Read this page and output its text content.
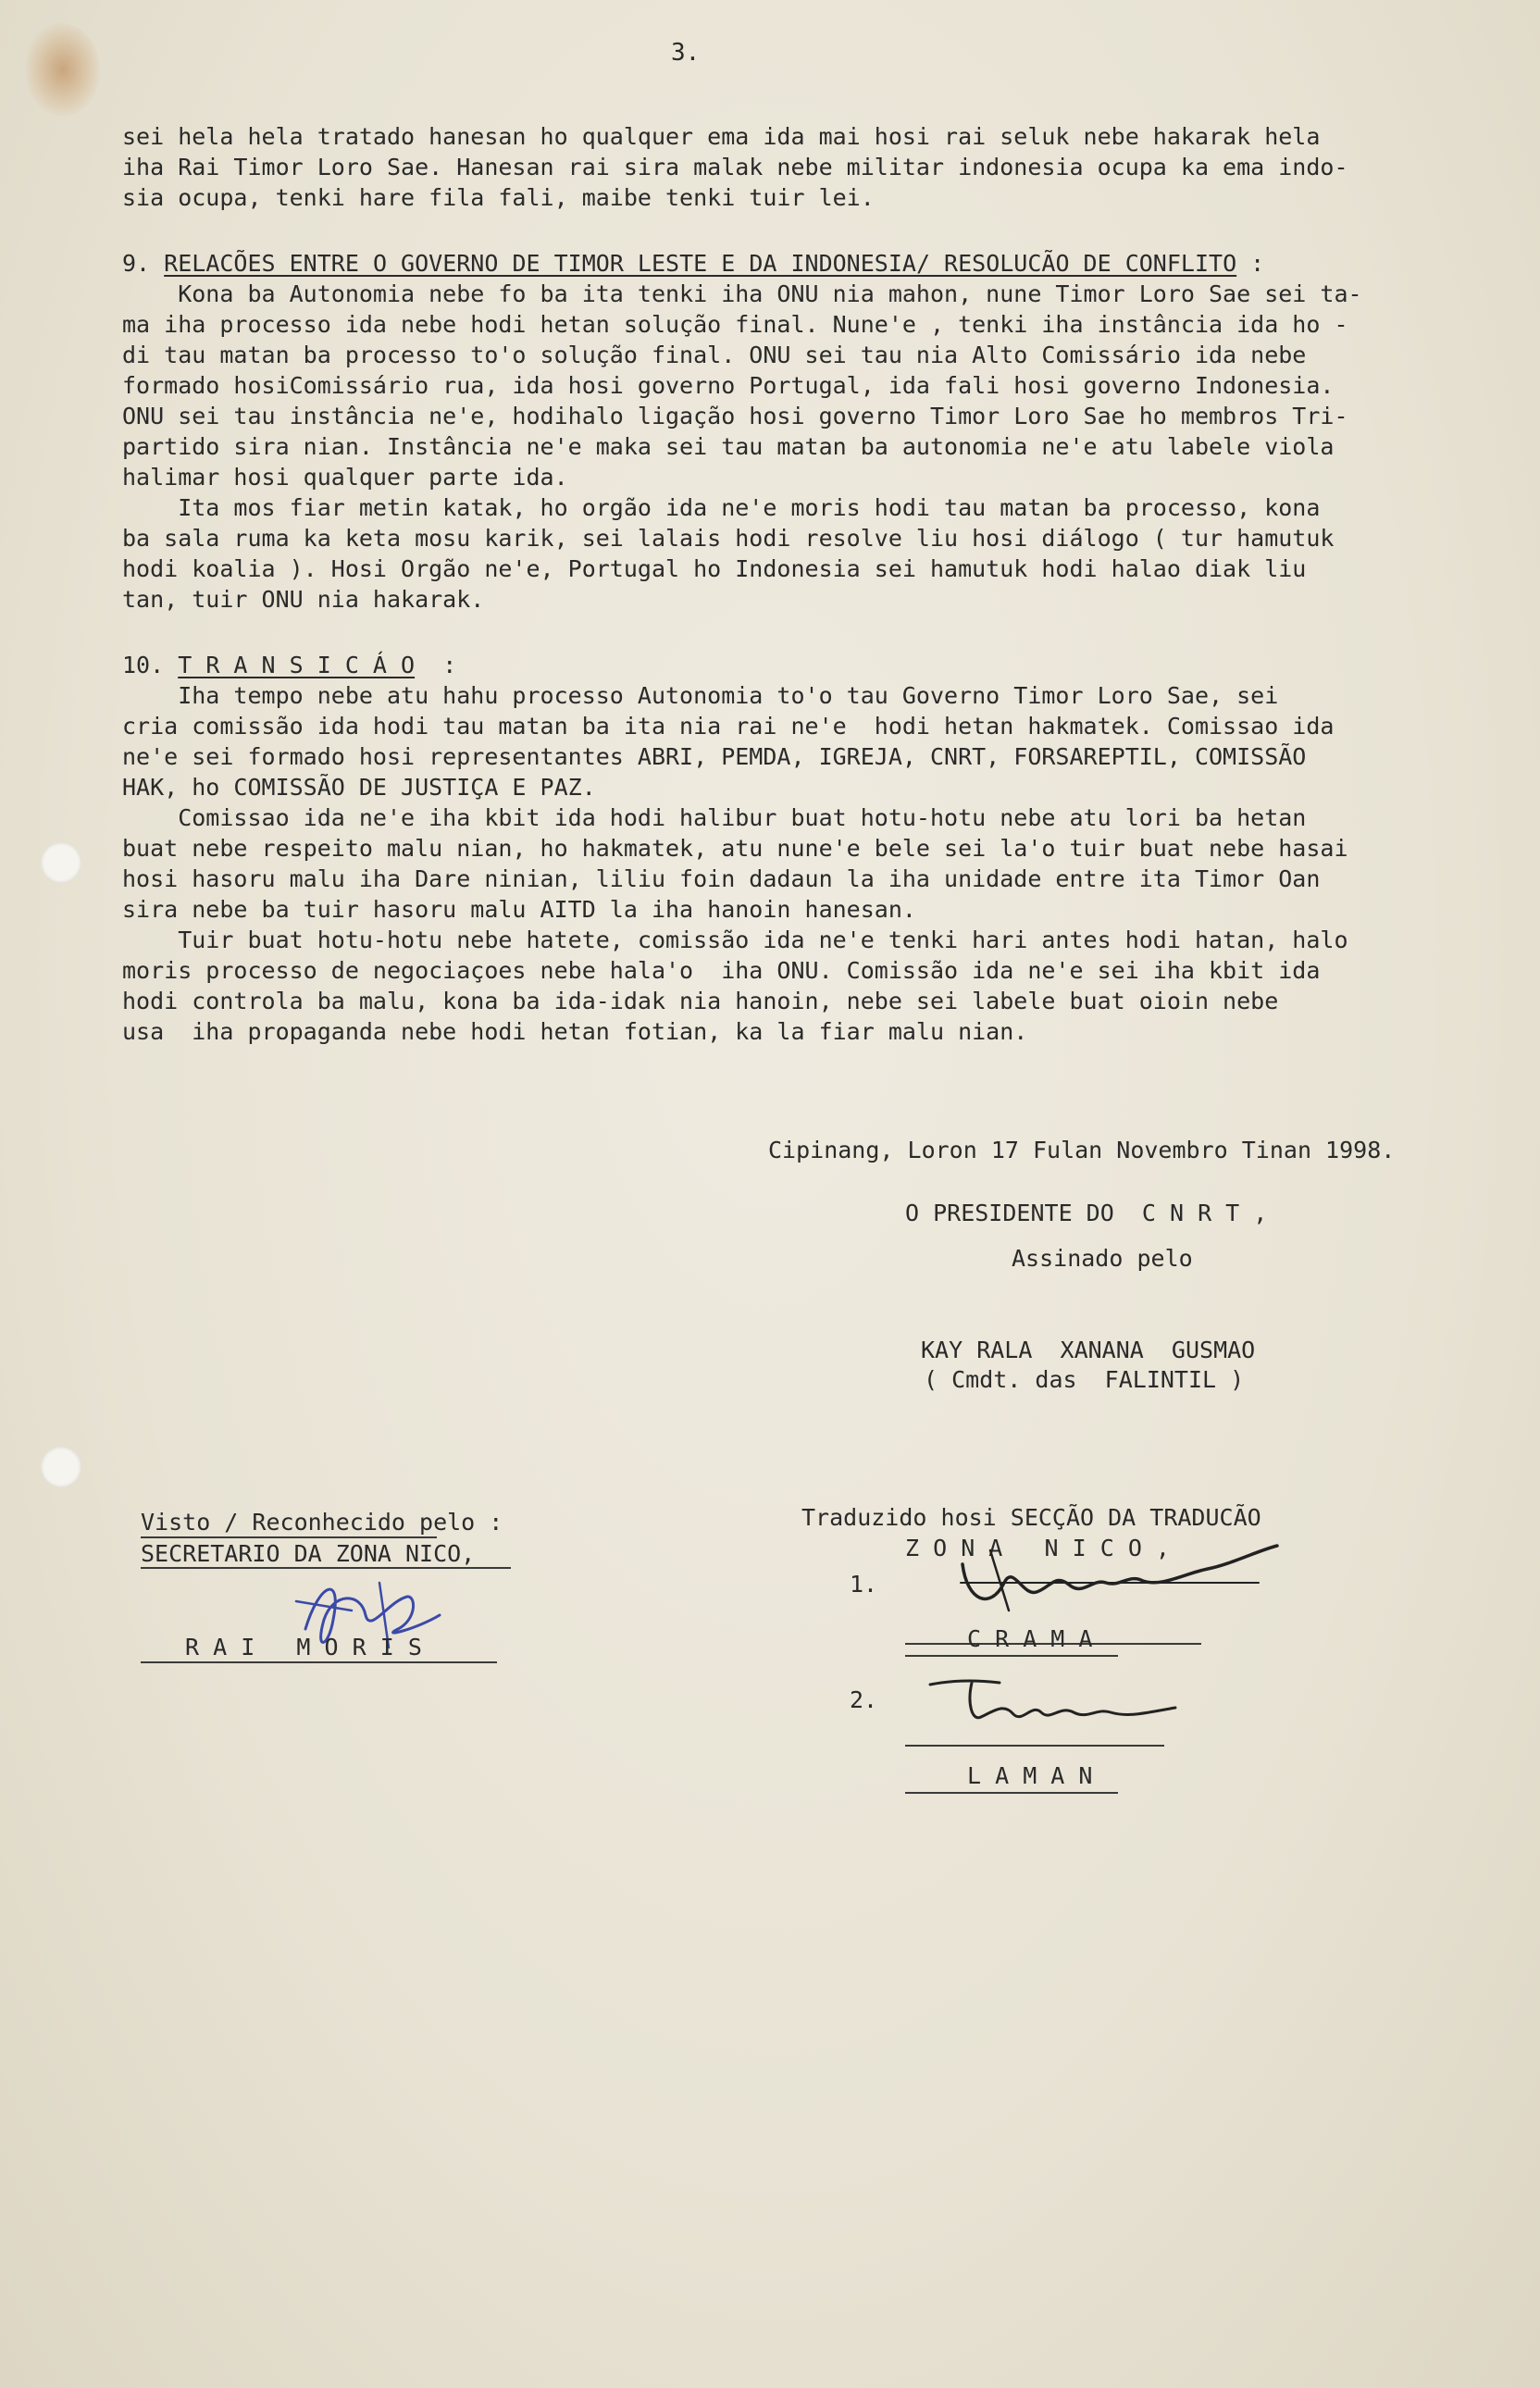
3.
sei hela hela tratado hanesan ho qualquer ema ida mai hosi rai seluk nebe hakarak hela
iha Rai Timor Loro Sae. Hanesan rai sira malak nebe militar indonesia ocupa ka ema indo-
sia ocupa, tenki hare fila fali, maibe tenki tuir lei.
9. RELACÕES ENTRE O GOVERNO DE TIMOR LESTE E DA INDONESIA/ RESOLUCÃO DE CONFLITO :
Kona ba Autonomia nebe fo ba ita tenki iha ONU nia mahon, nune Timor Loro Sae sei ta-
ma iha processo ida nebe hodi hetan solução final. Nune'e , tenki iha instância ida ho -
di tau matan ba processo to'o solução final. ONU sei tau nia Alto Comissário ida nebe
formado hosiComissário rua, ida hosi governo Portugal, ida fali hosi governo Indonesia.
ONU sei tau instância ne'e, hodihalo ligação hosi governo Timor Loro Sae ho membros Tri-
partido sira nian. Instância ne'e maka sei tau matan ba autonomia ne'e atu labele viola
halimar hosi qualquer parte ida.
Ita mos fiar metin katak, ho orgão ida ne'e moris hodi tau matan ba processo, kona
ba sala ruma ka keta mosu karik, sei lalais hodi resolve liu hosi diálogo ( tur hamutuk
hodi koalia ). Hosi Orgão ne'e, Portugal ho Indonesia sei hamutuk hodi halao diak liu
tan, tuir ONU nia hakarak.
10. T R A N S I C Á O  :
Iha tempo nebe atu hahu processo Autonomia to'o tau Governo Timor Loro Sae, sei
cria comissão ida hodi tau matan ba ita nia rai ne'e  hodi hetan hakmatek. Comissao ida
ne'e sei formado hosi representantes ABRI, PEMDA, IGREJA, CNRT, FORSAREPTIL, COMISSÃO
HAK, ho COMISSÃO DE JUSTIÇA E PAZ.
Comissao ida ne'e iha kbit ida hodi halibur buat hotu-hotu nebe atu lori ba hetan
buat nebe respeito malu nian, ho hakmatek, atu nune'e bele sei la'o tuir buat nebe hasai
hosi hasoru malu iha Dare ninian, liliu foin dadaun la iha unidade entre ita Timor Oan
sira nebe ba tuir hasoru malu AITD la iha hanoin hanesan.
Tuir buat hotu-hotu nebe hatete, comissão ida ne'e tenki hari antes hodi hatan, halo
moris processo de negociaçoes nebe hala'o  iha ONU. Comissão ida ne'e sei iha kbit ida
hodi controla ba malu, kona ba ida-idak nia hanoin, nebe sei labele buat oioin nebe
usa  iha propaganda nebe hodi hetan fotian, ka la fiar malu nian.
Cipinang, Loron 17 Fulan Novembro Tinan 1998.
O PRESIDENTE DO  C N R T ,
Assinado pelo
KAY RALA  XANANA  GUSMAO
( Cmdt. das  FALINTIL )
Visto / Reconhecido pelo :
SECRETARIO DA ZONA NICO,
R A I   M O R I S
Traduzido hosi SECÇÃO DA TRADUCÃO
Z O N A   N I C O ,
1.
C R A M A
2.
L A M A N
